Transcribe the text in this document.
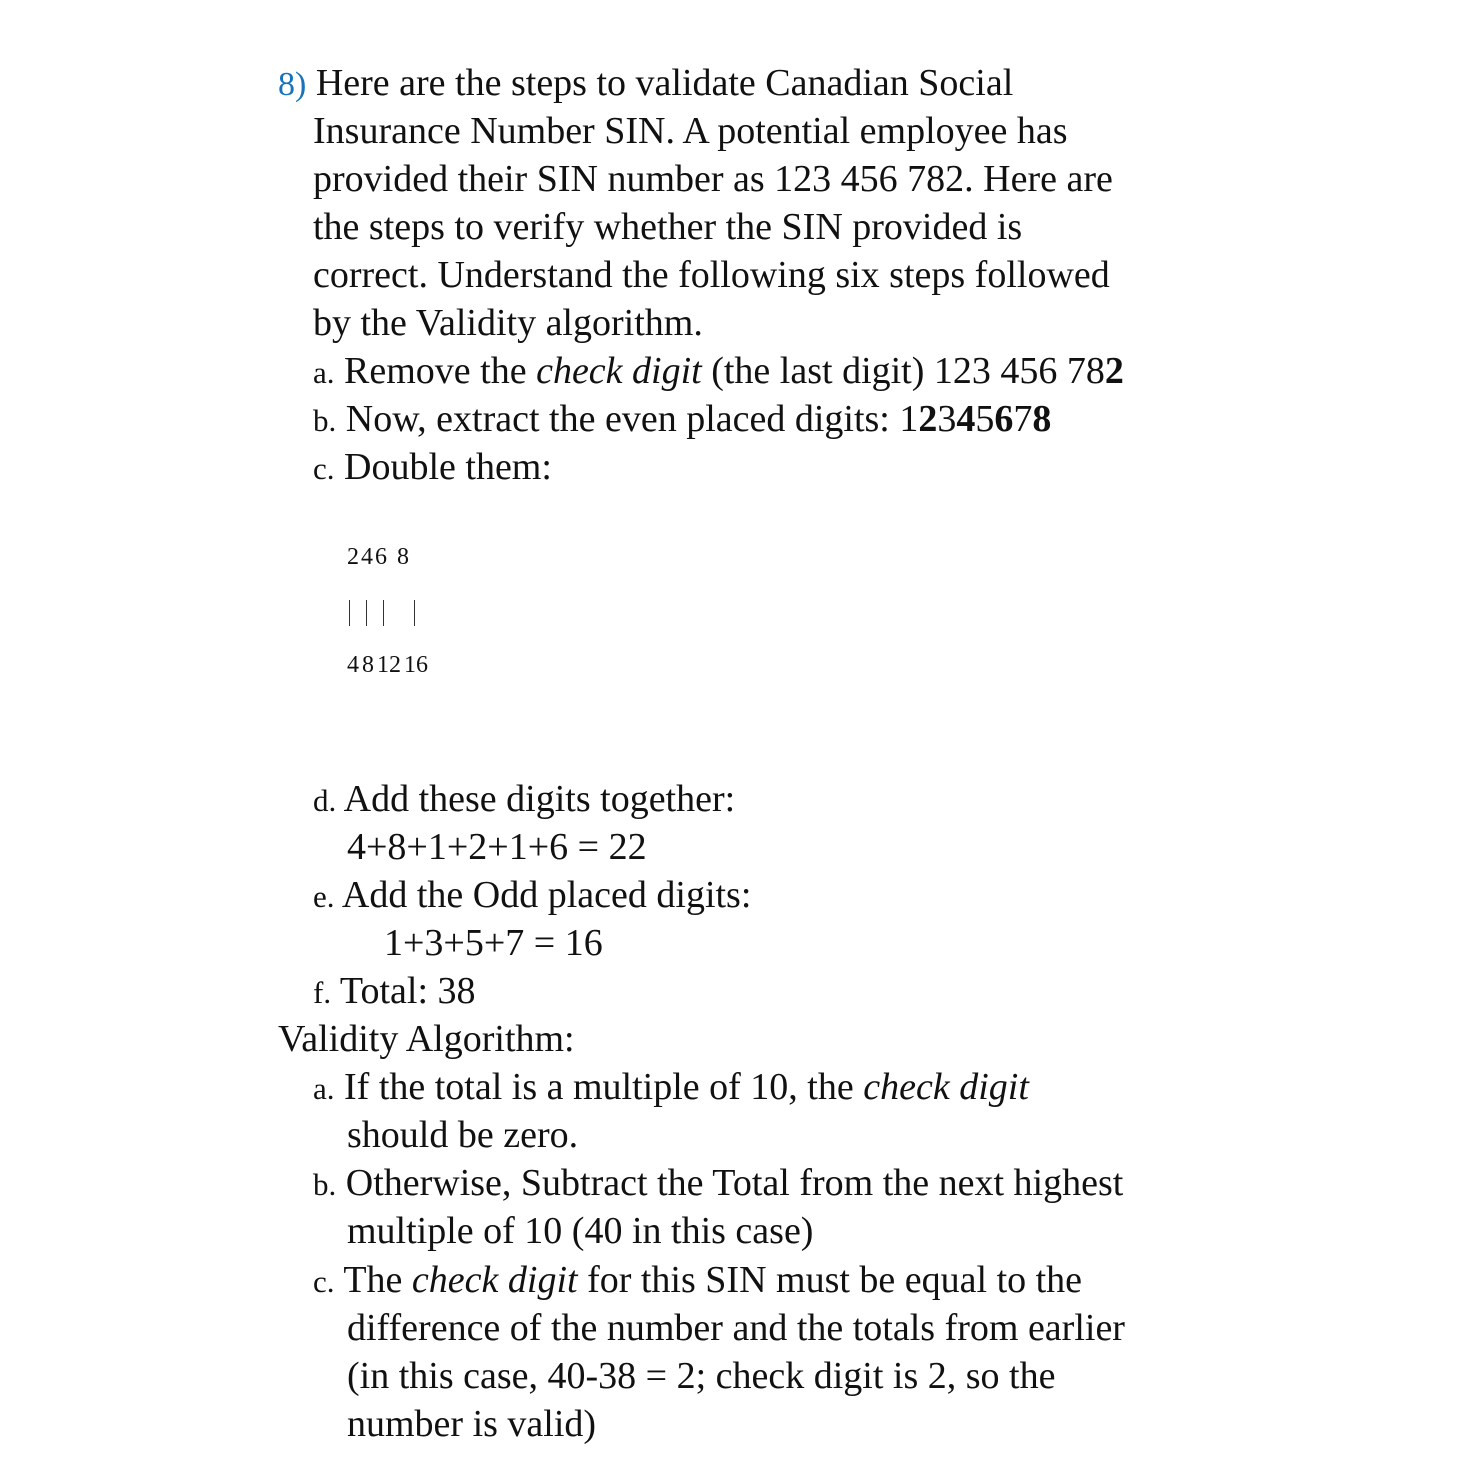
8) Here are the steps to validate Canadian Social
Insurance Number SIN. A potential employee has
provided their SIN number as 123 456 782. Here are
the steps to verify whether the SIN provided is
correct. Understand the following six steps followed
by the Validity algorithm.
a. Remove the check digit (the last digit) 123 456 782
b. Now, extract the even placed digits: 12345678
c. Double them:
246 8
4 8 12 16
d. Add these digits together:
4+8+1+2+1+6 = 22
e. Add the Odd placed digits:
1+3+5+7 = 16
f. Total: 38
Validity Algorithm:
a. If the total is a multiple of 10, the check digit
should be zero.
b. Otherwise, Subtract the Total from the next highest
multiple of 10 (40 in this case)
c. The check digit for this SIN must be equal to the
difference of the number and the totals from earlier
(in this case, 40-38 = 2; check digit is 2, so the
number is valid)
